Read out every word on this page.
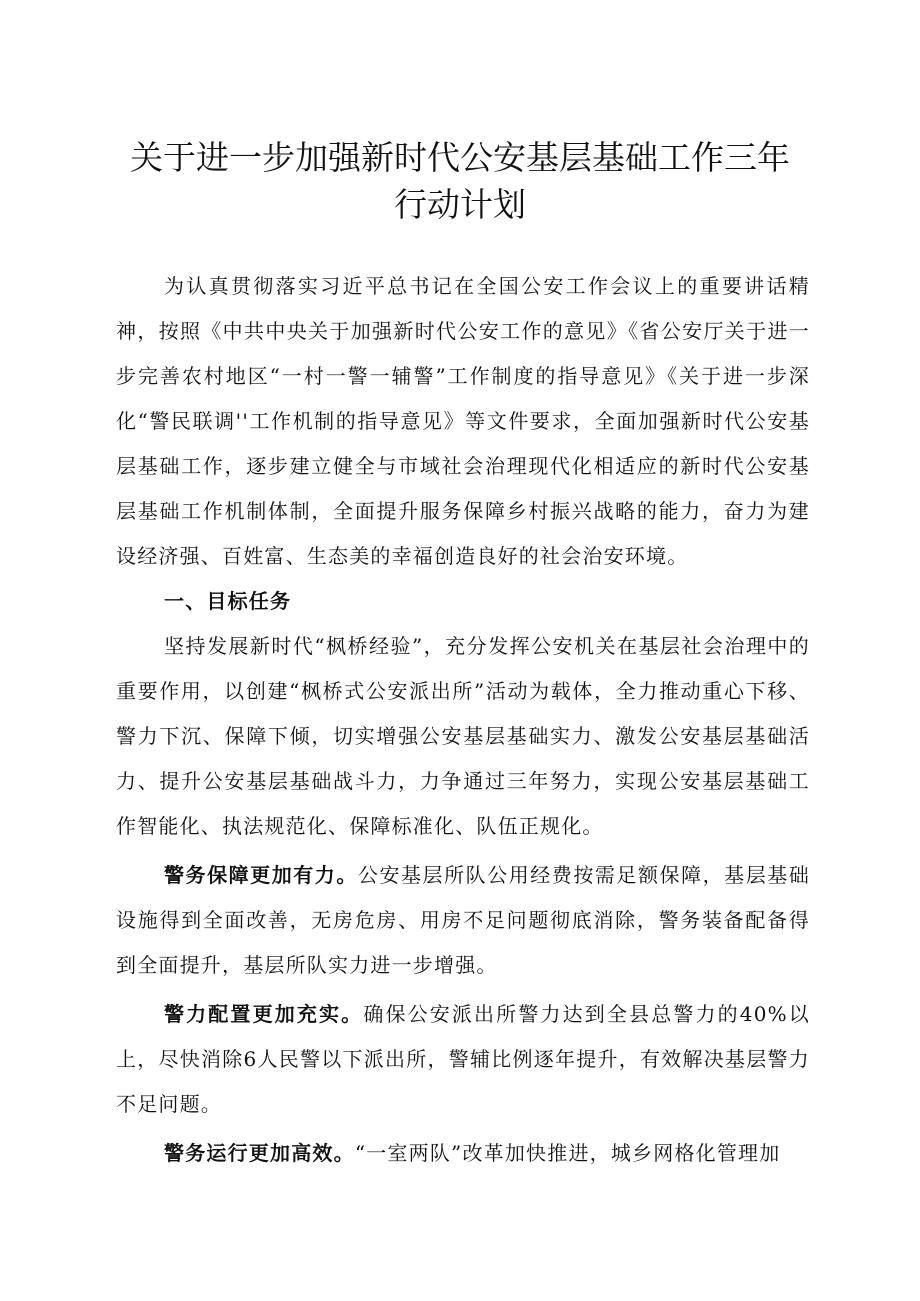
关于进一步加强新时代公安基层基础工作三年
行动计划

为认真贯彻落实习近平总书记在全国公安工作会议上的重要讲话精神，按照《中共中央关于加强新时代公安工作的意见》《省公安厅关于进一步完善农村地区“一村一警一辅警”工作制度的指导意见》《关于进一步深化“警民联调''工作机制的指导意见》等文件要求，全面加强新时代公安基层基础工作，逐步建立健全与市域社会治理现代化相适应的新时代公安基层基础工作机制体制，全面提升服务保障乡村振兴战略的能力，奋力为建设经济强、百姓富、生态美的幸福创造良好的社会治安环境。

一、目标任务

坚持发展新时代“枫桥经验”，充分发挥公安机关在基层社会治理中的重要作用，以创建“枫桥式公安派出所”活动为载体，全力推动重心下移、警力下沉、保障下倾，切实增强公安基层基础实力、激发公安基层基础活力、提升公安基层基础战斗力，力争通过三年努力，实现公安基层基础工作智能化、执法规范化、保障标准化、队伍正规化。

警务保障更加有力。公安基层所队公用经费按需足额保障，基层基础设施得到全面改善，无房危房、用房不足问题彻底消除，警务装备配备得到全面提升，基层所队实力进一步增强。

警力配置更加充实。确保公安派出所警力达到全县总警力的40%以上，尽快消除6人民警以下派出所，警辅比例逐年提升，有效解决基层警力不足问题。

警务运行更加高效。“一室两队”改革加快推进，城乡网格化管理加
